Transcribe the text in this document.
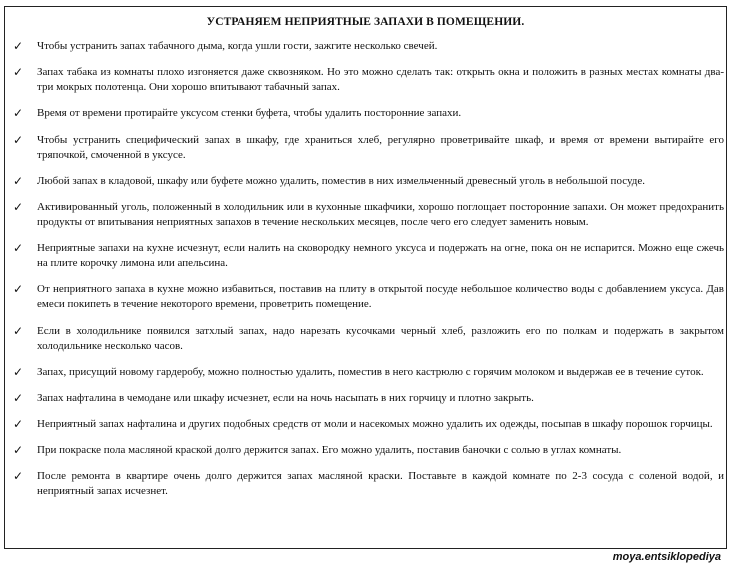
УСТРАНЯЕМ НЕПРИЯТНЫЕ ЗАПАХИ В ПОМЕЩЕНИИ.
✓ Чтобы устранить запах табачного дыма, когда ушли гости, зажгите несколько свечей.
✓ Запах табака из комнаты плохо изгоняется даже сквозняком. Но это можно сделать так: открыть окна и положить в разных местах комнаты два-три мокрых полотенца. Они хорошо впитывают табачный запах.
✓ Время от времени протирайте уксусом стенки буфета, чтобы удалить посторонние запахи.
✓ Чтобы устранить специфический запах в шкафу, где храниться хлеб, регулярно проветривайте шкаф, и время от времени вытирайте его тряпочкой, смоченной в уксусе.
✓ Любой запах в кладовой, шкафу или буфете можно удалить, поместив в них измельченный древесный уголь в небольшой посуде.
✓ Активированный уголь, положенный в холодильник или в кухонные шкафчики, хорошо поглощает посторонние запахи. Он может предохранить продукты от впитывания неприятных запахов в течение нескольких месяцев, после чего его следует заменить новым.
✓ Неприятные запахи на кухне исчезнут, если налить на сковородку немного уксуса и подержать на огне, пока он не испарится. Можно еще сжечь на плите корочку лимона или апельсина.
✓ От неприятного запаха в кухне можно избавиться, поставив на плиту в открытой посуде небольшое количество воды с добавлением уксуса. Дав емеси покипеть в течение некоторого времени, проветрить помещение.
✓ Если в холодильнике появился затхлый запах, надо нарезать кусочками черный хлеб, разложить его по полкам и подержать в закрытом холодильнике несколько часов.
✓ Запах, присущий новому гардеробу, можно полностью удалить, поместив в него кастрюлю с горячим молоком и выдержав ее в течение суток.
✓ Запах нафталина в чемодане или шкафу исчезнет, если на ночь насыпать в них горчицу и плотно закрыть.
✓ Неприятный запах нафталина и других подобных средств от моли и насекомых можно удалить их одежды, посыпав в шкафу порошок горчицы.
✓ При покраске пола масляной краской долго держится запах. Его можно удалить, поставив баночки с солью в углах комнаты.
✓ После ремонта в квартире очень долго держится запах масляной краски. Поставьте в каждой комнате по 2-3 сосуда с соленой водой, и неприятный запах исчезнет.
moya.entsiklopediya
